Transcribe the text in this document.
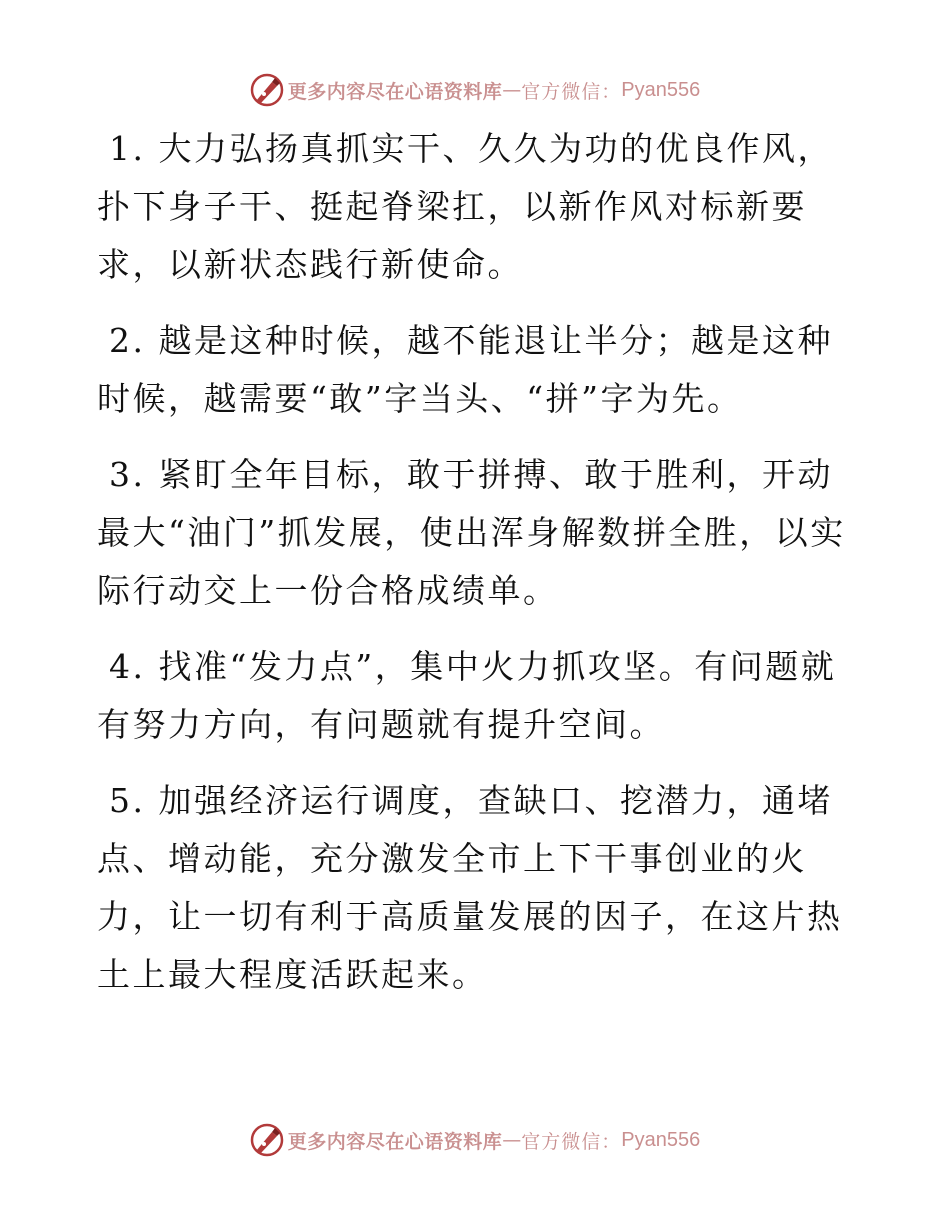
更多内容尽在心语资料库 — 官方微信： Pyan556

1. 大力弘扬真抓实干、久久为功的优良作风，扑下身子干、挺起脊梁扛，以新作风对标新要求，以新状态践行新使命。

2. 越是这种时候，越不能退让半分；越是这种时候，越需要“敢”字当头、“拼”字为先。

3. 紧盯全年目标，敢于拼搏、敢于胜利，开动最大“油门”抓发展，使出浑身解数拼全胜，以实际行动交上一份合格成绩单。

4. 找准“发力点”，集中火力抓攻坚。有问题就有努力方向，有问题就有提升空间。

5. 加强经济运行调度，查缺口、挖潜力，通堵点、增动能，充分激发全市上下干事创业的火力，让一切有利于高质量发展的因子，在这片热土上最大程度活跃起来。

更多内容尽在心语资料库 — 官方微信： Pyan556
